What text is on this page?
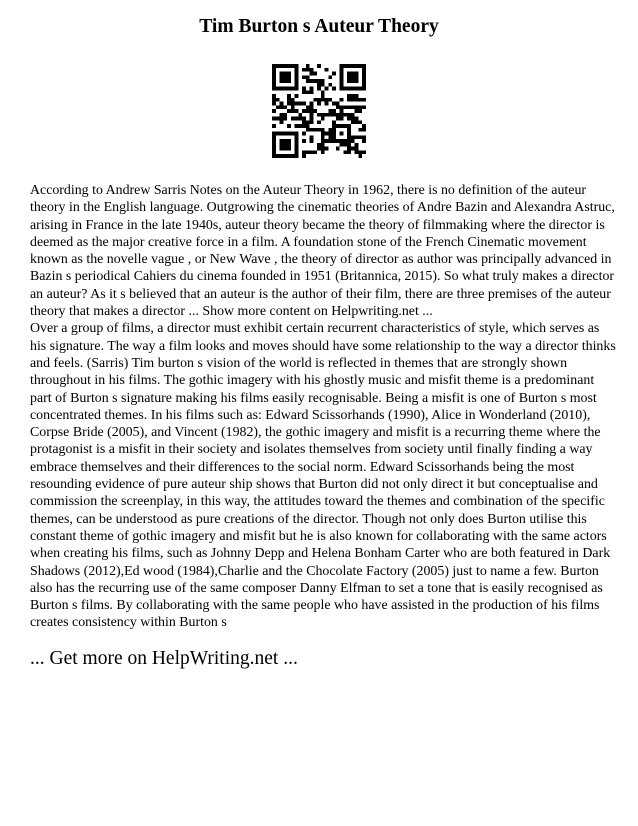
Tim Burton s Auteur Theory

According to Andrew Sarris Notes on the Auteur Theory in 1962, there is no definition of the auteur theory in the English language. Outgrowing the cinematic theories of Andre Bazin and Alexandra Astruc, arising in France in the late 1940s, auteur theory became the theory of filmmaking where the director is deemed as the major creative force in a film. A foundation stone of the French Cinematic movement known as the novelle vague , or New Wave , the theory of director as author was principally advanced in Bazin s periodical Cahiers du cinema founded in 1951 (Britannica, 2015). So what truly makes a director an auteur? As it s believed that an auteur is the author of their film, there are three premises of the auteur theory that makes a director ... Show more content on Helpwriting.net ...

Over a group of films, a director must exhibit certain recurrent characteristics of style, which serves as his signature. The way a film looks and moves should have some relationship to the way a director thinks and feels. (Sarris) Tim burton s vision of the world is reflected in themes that are strongly shown throughout in his films. The gothic imagery with his ghostly music and misfit theme is a predominant part of Burton s signature making his films easily recognisable. Being a misfit is one of Burton s most concentrated themes. In his films such as: Edward Scissorhands (1990), Alice in Wonderland (2010), Corpse Bride (2005), and Vincent (1982), the gothic imagery and misfit is a recurring theme where the protagonist is a misfit in their society and isolates themselves from society until finally finding a way embrace themselves and their differences to the social norm. Edward Scissorhands being the most resounding evidence of pure auteur ship shows that Burton did not only direct it but conceptualise and commission the screenplay, in this way, the attitudes toward the themes and combination of the specific themes, can be understood as pure creations of the director. Though not only does Burton utilise this constant theme of gothic imagery and misfit but he is also known for collaborating with the same actors when creating his films, such as Johnny Depp and Helena Bonham Carter who are both featured in Dark Shadows (2012),Ed wood (1984),Charlie and the Chocolate Factory (2005) just to name a few. Burton also has the recurring use of the same composer Danny Elfman to set a tone that is easily recognised as Burton s films. By collaborating with the same people who have assisted in the production of his films creates consistency within Burton s

... Get more on HelpWriting.net ...
